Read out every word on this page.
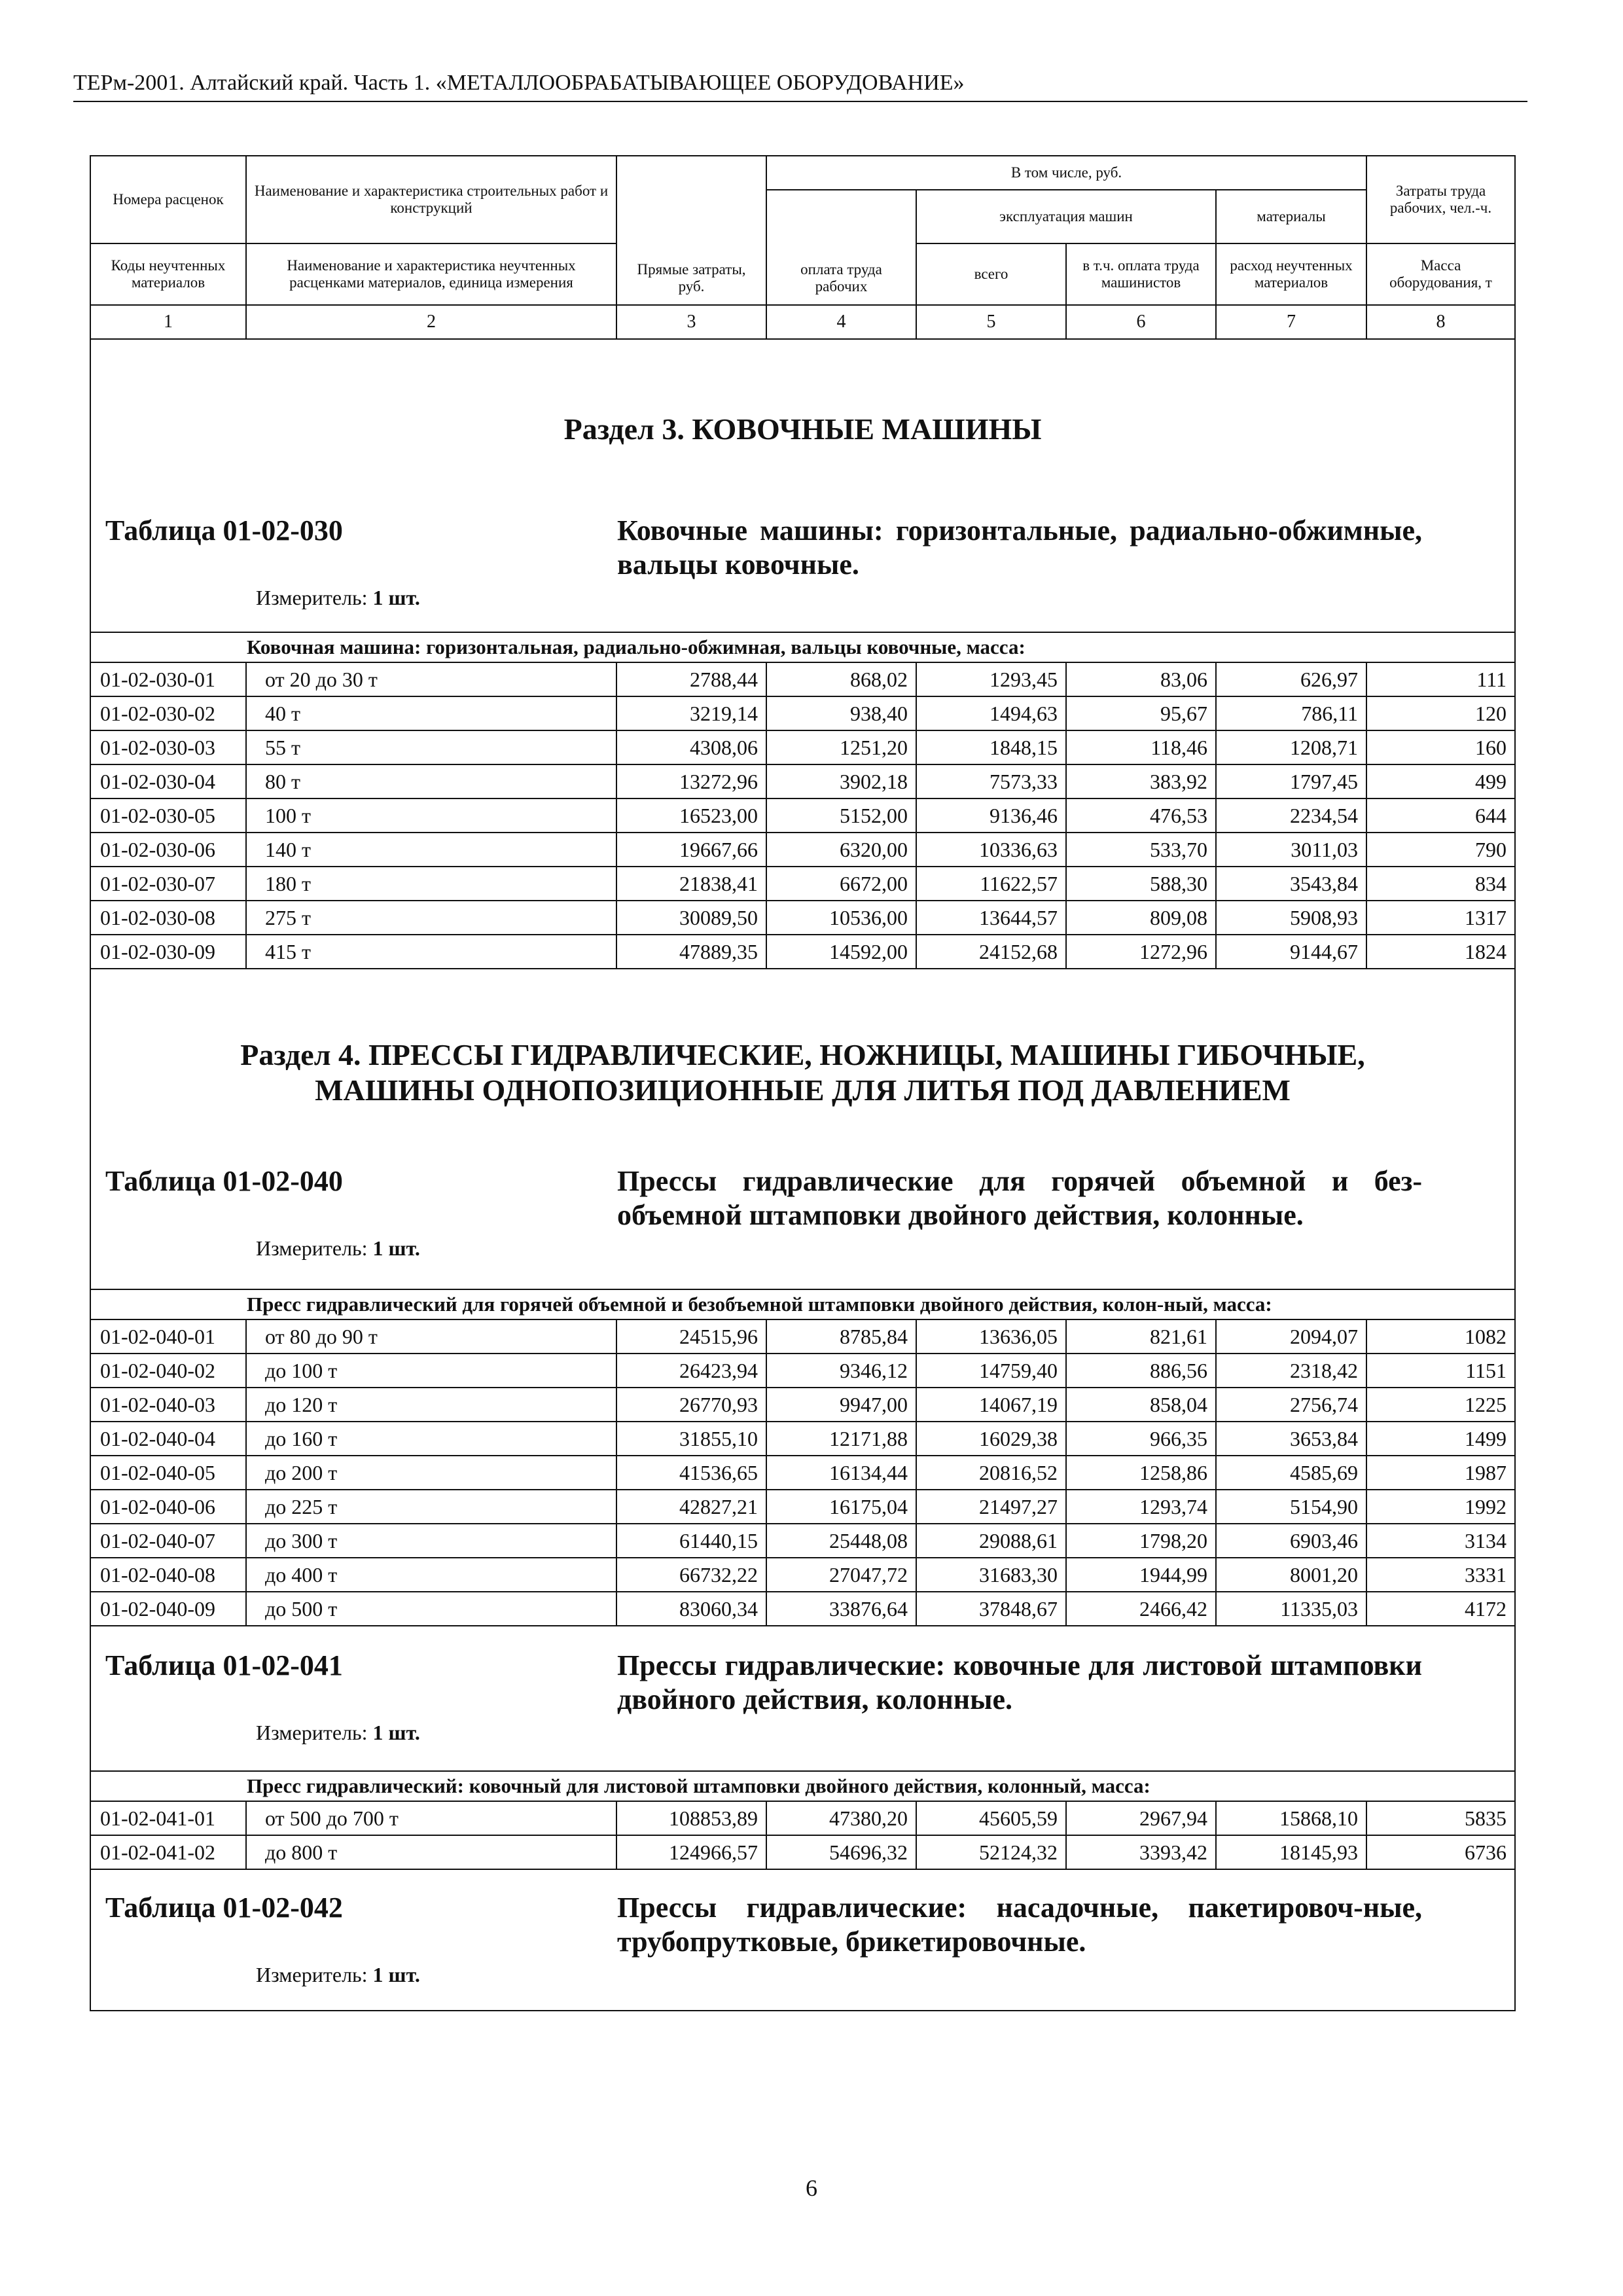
ТЕРм-2001. Алтайский край. Часть 1. «МЕТАЛЛООБРАБАТЫВАЮЩЕЕ ОБОРУДОВАНИЕ»
Номера расценок	Наименование и характеристика строительных работ и конструкций	Прямые затраты, руб.	В том числе, руб.				Затраты труда рабочих, чел.-ч.
			оплата труда рабочих	эксплуатация машин		материалы	
Коды неучтенных материалов	Наименование и характеристика неучтенных расценками материалов, единица измерения			всего	в т.ч. оплата труда машинистов	расход неучтенных материалов	Масса оборудования, т
1	2	3	4	5	6	7	8

Раздел 3. КОВОЧНЫЕ МАШИНЫ
Таблица 01-02-030 Ковочные машины: горизонтальные, радиально-обжимные, вальцы ковочные.
Измеритель: 1 шт.							

Ковочная машина: горизонтальная, радиально-обжимная, вальцы ковочные, масса:							
01-02-030-01	от 20 до 30 т	2788,44	868,02	1293,45	83,06	626,97	111
01-02-030-02	40 т	3219,14	938,40	1494,63	95,67	786,11	120
01-02-030-03	55 т	4308,06	1251,20	1848,15	118,46	1208,71	160
01-02-030-04	80 т	13272,96	3902,18	7573,33	383,92	1797,45	499
01-02-030-05	100 т	16523,00	5152,00	9136,46	476,53	2234,54	644
01-02-030-06	140 т	19667,66	6320,00	10336,63	533,70	3011,03	790
01-02-030-07	180 т	21838,41	6672,00	11622,57	588,30	3543,84	834
01-02-030-08	275 т	30089,50	10536,00	13644,57	809,08	5908,93	1317
01-02-030-09	415 т	47889,35	14592,00	24152,68	1272,96	9144,67	1824

Раздел 4. ПРЕССЫ ГИДРАВЛИЧЕСКИЕ, НОЖНИЦЫ, МАШИНЫ ГИБОЧНЫЕ,
МАШИНЫ ОДНОПОЗИЦИОННЫЕ ДЛЯ ЛИТЬЯ ПОД ДАВЛЕНИЕМ
Таблица 01-02-040 Прессы гидравлические для горячей объемной и без-объемной штамповки двойного действия, колонные.
Измеритель: 1 шт.							

Пресс гидравлический для горячей объемной и безобъемной штамповки двойного действия, колон-ный, масса:							
01-02-040-01	от 80 до 90 т	24515,96	8785,84	13636,05	821,61	2094,07	1082
01-02-040-02	до 100 т	26423,94	9346,12	14759,40	886,56	2318,42	1151
01-02-040-03	до 120 т	26770,93	9947,00	14067,19	858,04	2756,74	1225
01-02-040-04	до 160 т	31855,10	12171,88	16029,38	966,35	3653,84	1499
01-02-040-05	до 200 т	41536,65	16134,44	20816,52	1258,86	4585,69	1987
01-02-040-06	до 225 т	42827,21	16175,04	21497,27	1293,74	5154,90	1992
01-02-040-07	до 300 т	61440,15	25448,08	29088,61	1798,20	6903,46	3134
01-02-040-08	до 400 т	66732,22	27047,72	31683,30	1944,99	8001,20	3331
01-02-040-09	до 500 т	83060,34	33876,64	37848,67	2466,42	11335,03	4172

Таблица 01-02-041 Прессы гидравлические: ковочные для листовой штамповки двойного действия, колонные.
Измеритель: 1 шт.							

Пресс гидравлический: ковочный для листовой штамповки двойного действия, колонный, масса:							
01-02-041-01	от 500 до 700 т	108853,89	47380,20	45605,59	2967,94	15868,10	5835
01-02-041-02	до 800 т	124966,57	54696,32	52124,32	3393,42	18145,93	6736

Таблица 01-02-042 Прессы гидравлические: насадочные, пакетировоч-ные, трубопрутковые, брикетировочные.
Измеритель: 1 шт.							
6
